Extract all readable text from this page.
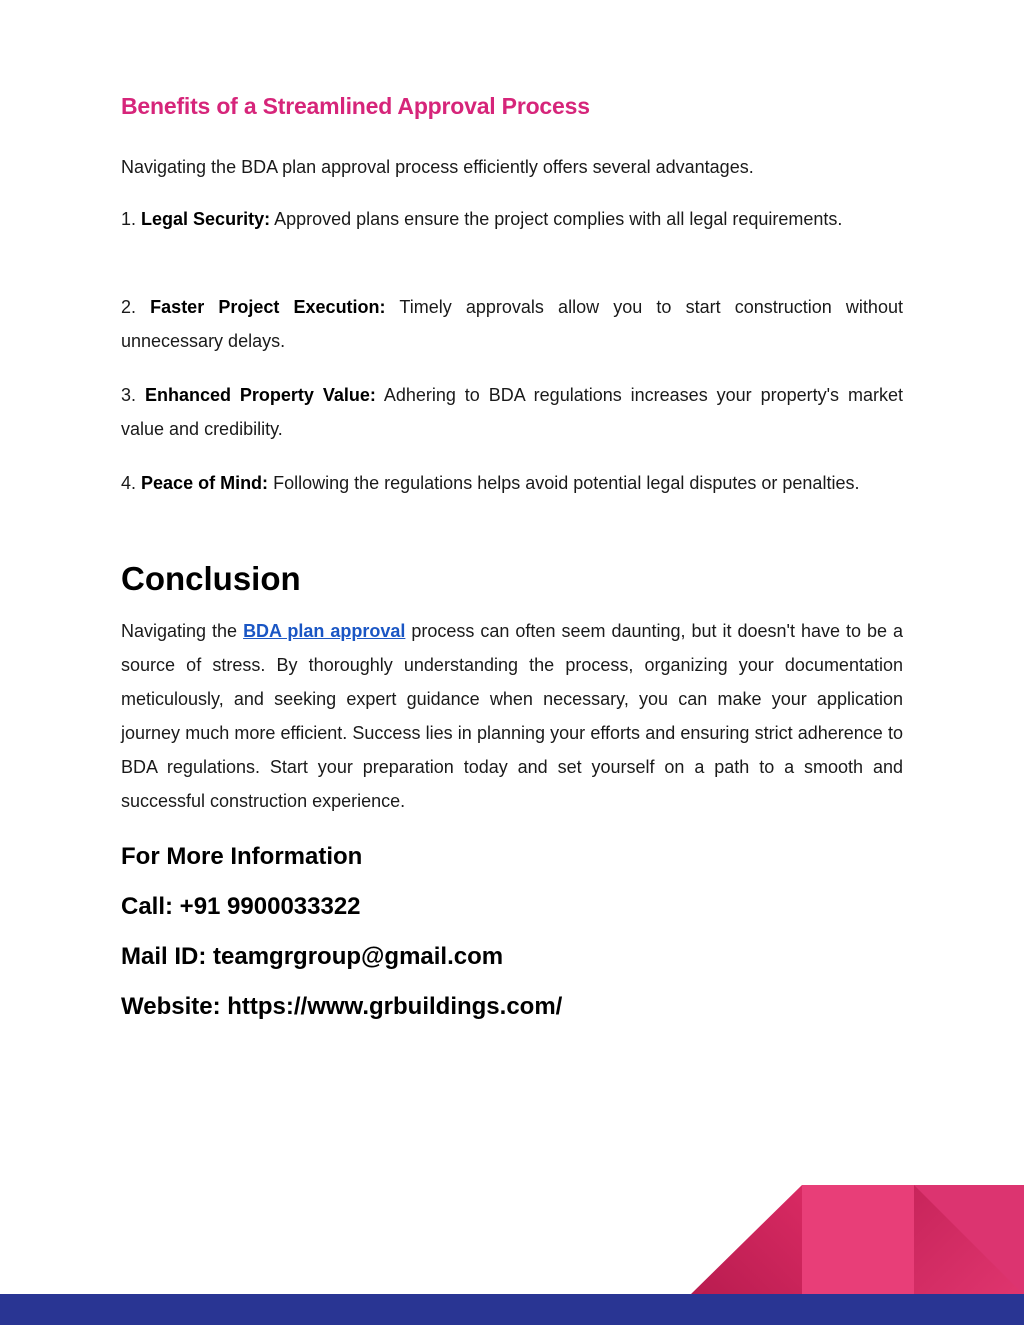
Benefits of a Streamlined Approval Process

Navigating the BDA plan approval process efficiently offers several advantages.

1. Legal Security: Approved plans ensure the project complies with all legal requirements.

2. Faster Project Execution: Timely approvals allow you to start construction without unnecessary delays.

3. Enhanced Property Value: Adhering to BDA regulations increases your property's market value and credibility.

4. Peace of Mind: Following the regulations helps avoid potential legal disputes or penalties.

Conclusion

Navigating the BDA plan approval process can often seem daunting, but it doesn't have to be a source of stress. By thoroughly understanding the process, organizing your documentation meticulously, and seeking expert guidance when necessary, you can make your application journey much more efficient. Success lies in planning your efforts and ensuring strict adherence to BDA regulations. Start your preparation today and set yourself on a path to a smooth and successful construction experience.

For More Information

Call: +91 9900033322

Mail ID: teamgrgroup@gmail.com

Website: https://www.grbuildings.com/
